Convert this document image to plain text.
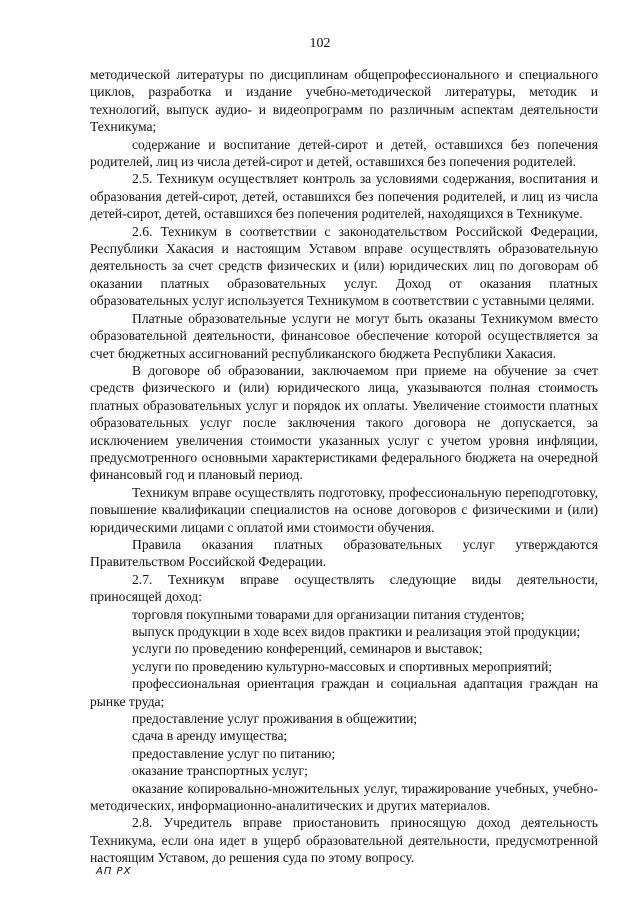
102

методической литературы по дисциплинам общепрофессионального и специального циклов, разработка и издание учебно-методической литературы, методик и технологий, выпуск аудио- и видеопрограмм по различным аспектам деятельности Техникума;

содержание и воспитание детей-сирот и детей, оставшихся без попечения родителей, лиц из числа детей-сирот и детей, оставшихся без попечения родителей.

2.5. Техникум осуществляет контроль за условиями содержания, воспитания и образования детей-сирот, детей, оставшихся без попечения родителей, и лиц из числа детей-сирот, детей, оставшихся без попечения родителей, находящихся в Техникуме.

2.6. Техникум в соответствии с законодательством Российской Федерации, Республики Хакасия и настоящим Уставом вправе осуществлять образовательную деятельность за счет средств физических и (или) юридических лиц по договорам об оказании платных образовательных услуг. Доход от оказания платных образовательных услуг используется Техникумом в соответствии с уставными целями.

Платные образовательные услуги не могут быть оказаны Техникумом вместо образовательной деятельности, финансовое обеспечение которой осуществляется за счет бюджетных ассигнований республиканского бюджета Республики Хакасия.

В договоре об образовании, заключаемом при приеме на обучение за счет средств физического и (или) юридического лица, указываются полная стоимость платных образовательных услуг и порядок их оплаты. Увеличение стоимости платных образовательных услуг после заключения такого договора не допускается, за исключением увеличения стоимости указанных услуг с учетом уровня инфляции, предусмотренного основными характеристиками федерального бюджета на очередной финансовый год и плановый период.

Техникум вправе осуществлять подготовку, профессиональную переподготовку, повышение квалификации специалистов на основе договоров с физическими и (или) юридическими лицами с оплатой ими стоимости обучения.

Правила оказания платных образовательных услуг утверждаются Правительством Российской Федерации.

2.7. Техникум вправе осуществлять следующие виды деятельности, приносящей доход:

торговля покупными товарами для организации питания студентов;

выпуск продукции в ходе всех видов практики и реализация этой продукции;

услуги по проведению конференций, семинаров и выставок;

услуги по проведению культурно-массовых и спортивных мероприятий;

профессиональная ориентация граждан и социальная адаптация граждан на рынке труда;

предоставление услуг проживания в общежитии;

сдача в аренду имущества;

предоставление услуг по питанию;

оказание транспортных услуг;

оказание копировально-множительных услуг, тиражирование учебных, учебно-методических, информационно-аналитических и других материалов.

2.8. Учредитель вправе приостановить приносящую доход деятельность Техникума, если она идет в ущерб образовательной деятельности, предусмотренной настоящим Уставом, до решения суда по этому вопросу.

АП РХ
